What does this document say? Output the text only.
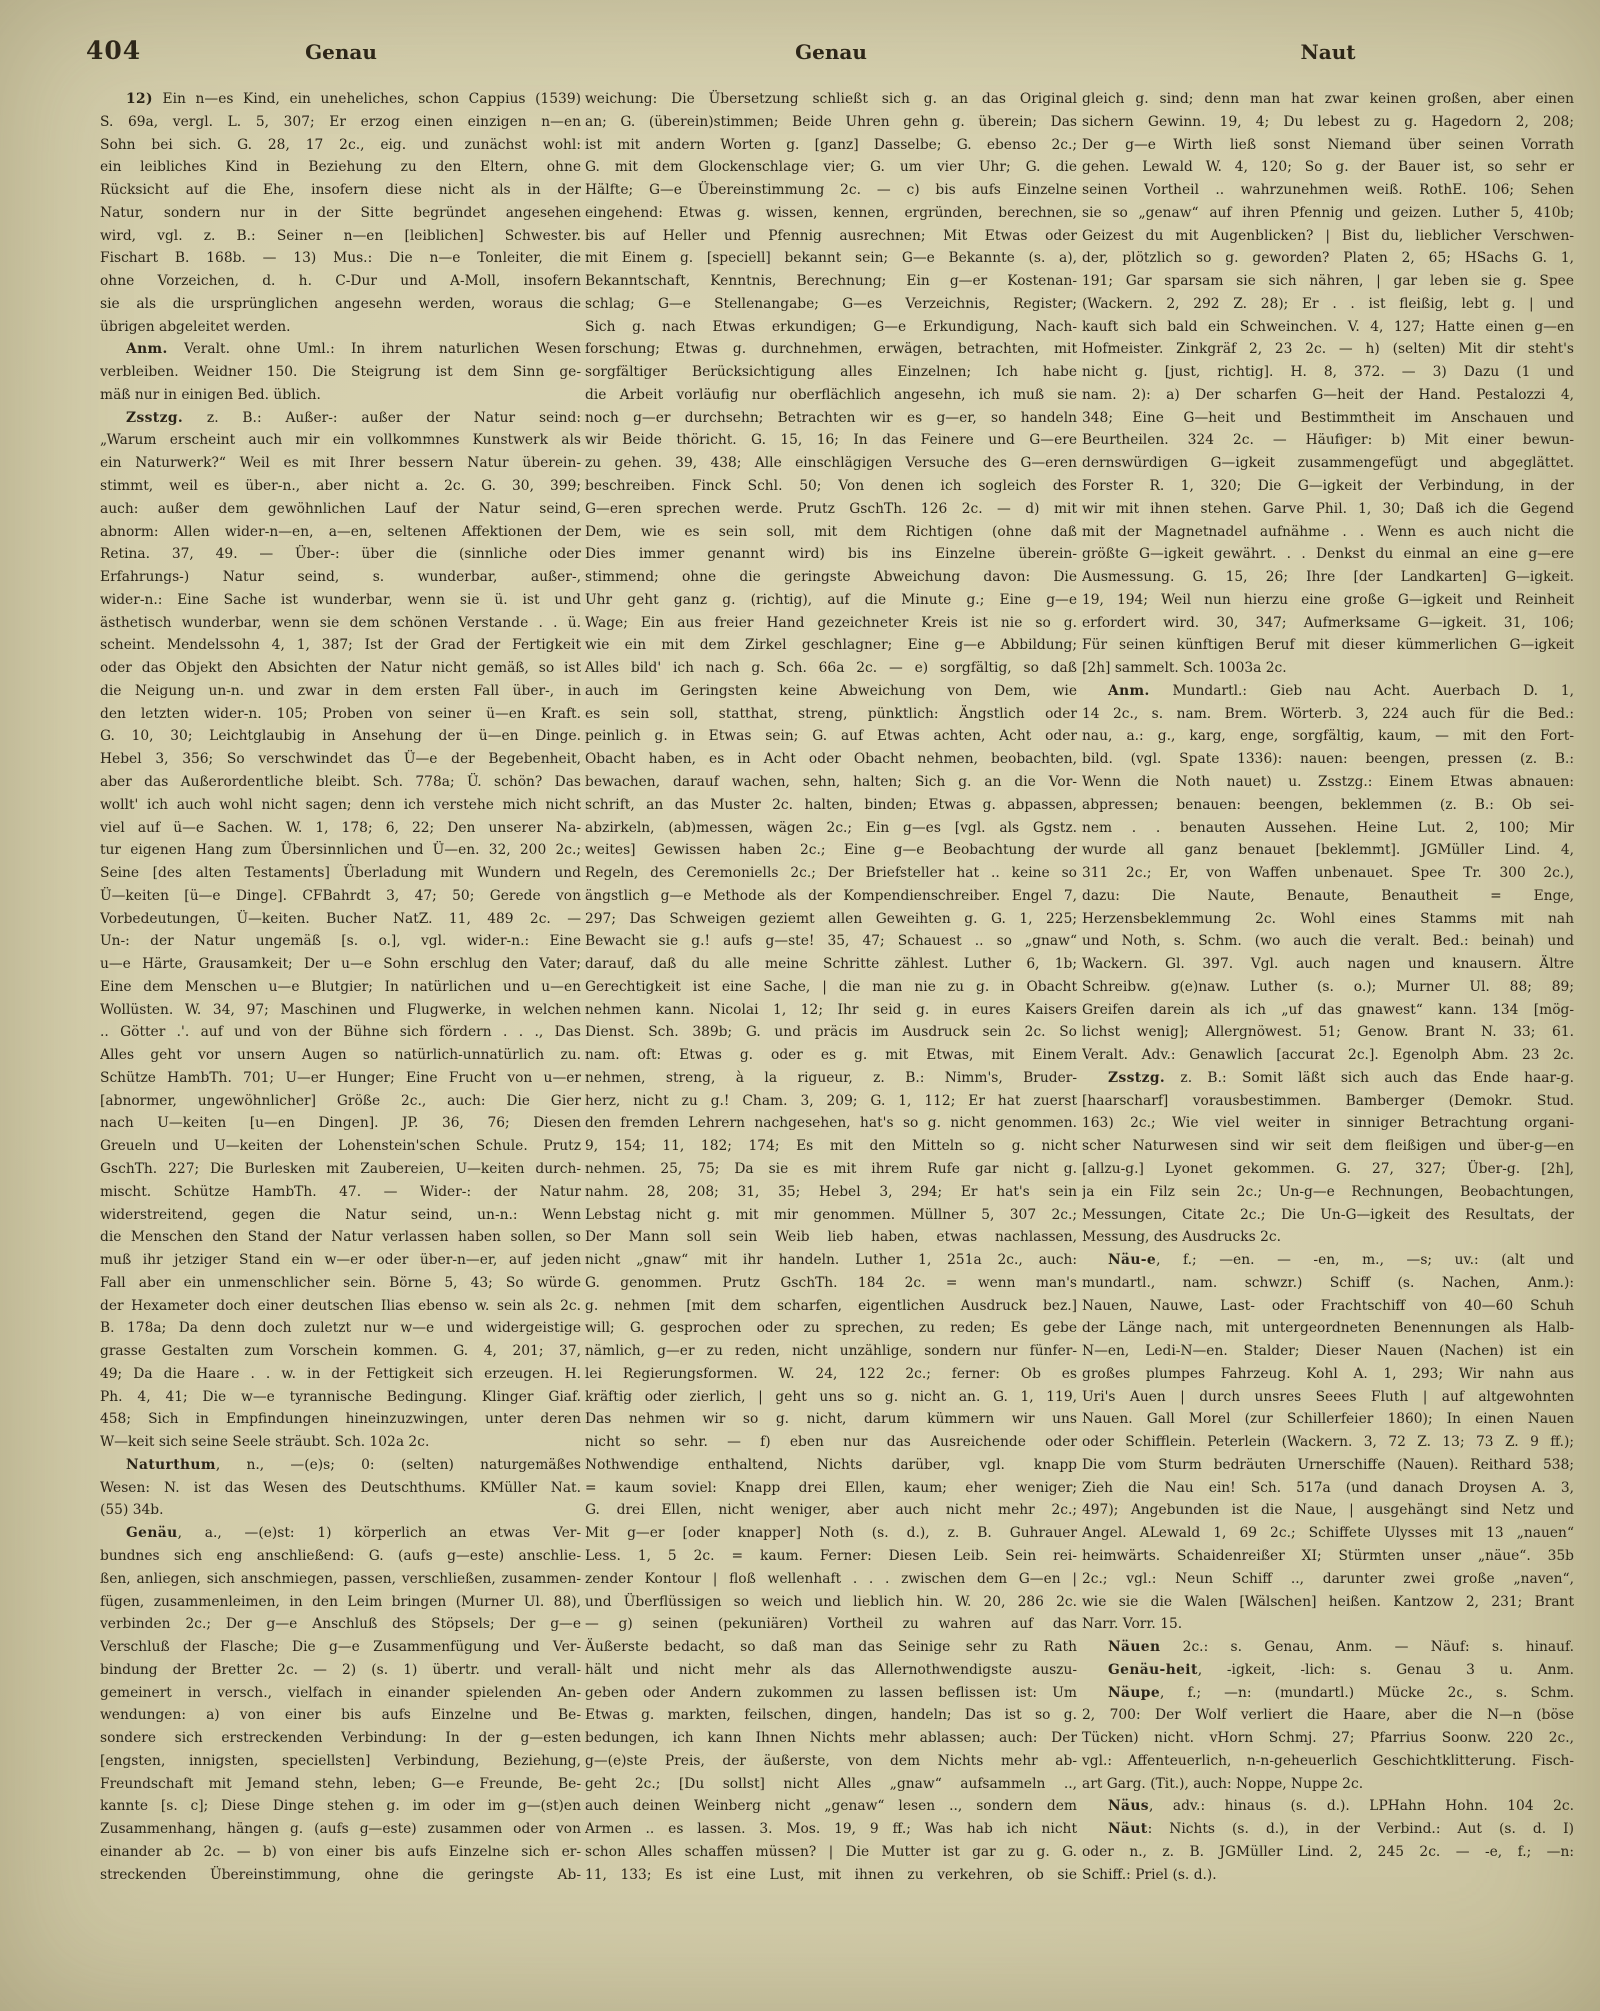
404	Genau	Genau	Naut
12) Ein n—es Kind, ein uneheliches, schon Cappius (1539)
S. 69a, vergl. L. 5, 307; Er erzog einen einzigen n—en
Sohn bei sich. G. 28, 17 2c., eig. und zunächst wohl:
ein leibliches Kind in Beziehung zu den Eltern, ohne
Rücksicht auf die Ehe, insofern diese nicht als in der
Natur, sondern nur in der Sitte begründet angesehen
wird, vgl. z. B.: Seiner n—en [leiblichen] Schwester.
Fischart B. 168b. — 13) Mus.: Die n—e Tonleiter, die
ohne Vorzeichen, d. h. C-Dur und A-Moll, insofern
sie als die ursprünglichen angesehn werden, woraus die
übrigen abgeleitet werden.
Anm. Veralt. ohne Uml.: In ihrem naturlichen Wesen
verbleiben. Weidner 150. Die Steigrung ist dem Sinn ge-
mäß nur in einigen Bed. üblich.
Zsstzg. z. B.: Außer-: außer der Natur seind:
„Warum erscheint auch mir ein vollkommnes Kunstwerk als
ein Naturwerk?“ Weil es mit Ihrer bessern Natur überein-
stimmt, weil es über-n., aber nicht a. 2c. G. 30, 399;
auch: außer dem gewöhnlichen Lauf der Natur seind,
abnorm: Allen wider-n—en, a—en, seltenen Affektionen der
Retina. 37, 49. — Über-: über die (sinnliche oder
Erfahrungs-) Natur seind, s. wunderbar, außer-,
wider-n.: Eine Sache ist wunderbar, wenn sie ü. ist und
ästhetisch wunderbar, wenn sie dem schönen Verstande . . ü.
scheint. Mendelssohn 4, 1, 387; Ist der Grad der Fertigkeit
oder das Objekt den Absichten der Natur nicht gemäß, so ist
die Neigung un-n. und zwar in dem ersten Fall über-, in
den letzten wider-n. 105; Proben von seiner ü—en Kraft.
G. 10, 30; Leichtglaubig in Ansehung der ü—en Dinge.
Hebel 3, 356; So verschwindet das Ü—e der Begebenheit,
aber das Außerordentliche bleibt. Sch. 778a; Ü. schön? Das
wollt' ich auch wohl nicht sagen; denn ich verstehe mich nicht
viel auf ü—e Sachen. W. 1, 178; 6, 22; Den unserer Na-
tur eigenen Hang zum Übersinnlichen und Ü—en. 32, 200 2c.;
Seine [des alten Testaments] Überladung mit Wundern und
Ü—keiten [ü—e Dinge]. CFBahrdt 3, 47; 50; Gerede von
Vorbedeutungen, Ü—keiten. Bucher NatZ. 11, 489 2c. —
Un-: der Natur ungemäß [s. o.], vgl. wider-n.: Eine
u—e Härte, Grausamkeit; Der u—e Sohn erschlug den Vater;
Eine dem Menschen u—e Blutgier; In natürlichen und u—en
Wollüsten. W. 34, 97; Maschinen und Flugwerke, in welchen
.. Götter .'. auf und von der Bühne sich fördern . . ., Das
Alles geht vor unsern Augen so natürlich-unnatürlich zu.
Schütze HambTh. 701; U—er Hunger; Eine Frucht von u—er
[abnormer, ungewöhnlicher] Größe 2c., auch: Die Gier
nach U—keiten [u—en Dingen]. JP. 36, 76; Diesen
Greueln und U—keiten der Lohenstein'schen Schule. Prutz
GschTh. 227; Die Burlesken mit Zaubereien, U—keiten durch-
mischt. Schütze HambTh. 47. — Wider-: der Natur
widerstreitend, gegen die Natur seind, un-n.: Wenn
die Menschen den Stand der Natur verlassen haben sollen, so
muß ihr jetziger Stand ein w—er oder über-n—er, auf jeden
Fall aber ein unmenschlicher sein. Börne 5, 43; So würde
der Hexameter doch einer deutschen Ilias ebenso w. sein als 2c.
B. 178a; Da denn doch zuletzt nur w—e und widergeistige
grasse Gestalten zum Vorschein kommen. G. 4, 201; 37,
49; Da die Haare . . w. in der Fettigkeit sich erzeugen. H.
Ph. 4, 41; Die w—e tyrannische Bedingung. Klinger Giaf.
458; Sich in Empfindungen hineinzuzwingen, unter deren
W—keit sich seine Seele sträubt. Sch. 102a 2c.
Naturthum, n., —(e)s; 0: (selten) naturgemäßes
Wesen: N. ist das Wesen des Deutschthums. KMüller Nat.
(55) 34b.
Genäu, a., —(e)st: 1) körperlich an etwas Ver-
bundnes sich eng anschließend: G. (aufs g—este) anschlie-
ßen, anliegen, sich anschmiegen, passen, verschließen, zusammen-
fügen, zusammenleimen, in den Leim bringen (Murner Ul. 88),
verbinden 2c.; Der g—e Anschluß des Stöpsels; Der g—e
Verschluß der Flasche; Die g—e Zusammenfügung und Ver-
bindung der Bretter 2c. — 2) (s. 1) übertr. und verall-
gemeinert in versch., vielfach in einander spielenden An-
wendungen: a) von einer bis aufs Einzelne und Be-
sondere sich erstreckenden Verbindung: In der g—esten
[engsten, innigsten, speciellsten] Verbindung, Beziehung,
Freundschaft mit Jemand stehn, leben; G—e Freunde, Be-
kannte [s. c]; Diese Dinge stehen g. im oder im g—(st)en
Zusammenhang, hängen g. (aufs g—este) zusammen oder von
einander ab 2c. — b) von einer bis aufs Einzelne sich er-
streckenden Übereinstimmung, ohne die geringste Ab-
weichung: Die Übersetzung schließt sich g. an das Original
an; G. (überein)stimmen; Beide Uhren gehn g. überein; Das
ist mit andern Worten g. [ganz] Dasselbe; G. ebenso 2c.;
G. mit dem Glockenschlage vier; G. um vier Uhr; G. die
Hälfte; G—e Übereinstimmung 2c. — c) bis aufs Einzelne
eingehend: Etwas g. wissen, kennen, ergründen, berechnen,
bis auf Heller und Pfennig ausrechnen; Mit Etwas oder
mit Einem g. [speciell] bekannt sein; G—e Bekannte (s. a),
Bekanntschaft, Kenntnis, Berechnung; Ein g—er Kostenan-
schlag; G—e Stellenangabe; G—es Verzeichnis, Register;
Sich g. nach Etwas erkundigen; G—e Erkundigung, Nach-
forschung; Etwas g. durchnehmen, erwägen, betrachten, mit
sorgfältiger Berücksichtigung alles Einzelnen; Ich habe
die Arbeit vorläufig nur oberflächlich angesehn, ich muß sie
noch g—er durchsehn; Betrachten wir es g—er, so handeln
wir Beide thöricht. G. 15, 16; In das Feinere und G—ere
zu gehen. 39, 438; Alle einschlägigen Versuche des G—eren
beschreiben. Finck Schl. 50; Von denen ich sogleich des
G—eren sprechen werde. Prutz GschTh. 126 2c. — d) mit
Dem, wie es sein soll, mit dem Richtigen (ohne daß
Dies immer genannt wird) bis ins Einzelne überein-
stimmend; ohne die geringste Abweichung davon: Die
Uhr geht ganz g. (richtig), auf die Minute g.; Eine g—e
Wage; Ein aus freier Hand gezeichneter Kreis ist nie so g.
wie ein mit dem Zirkel geschlagner; Eine g—e Abbildung;
Alles bild' ich nach g. Sch. 66a 2c. — e) sorgfältig, so daß
auch im Geringsten keine Abweichung von Dem, wie
es sein soll, statthat, streng, pünktlich: Ängstlich oder
peinlich g. in Etwas sein; G. auf Etwas achten, Acht oder
Obacht haben, es in Acht oder Obacht nehmen, beobachten,
bewachen, darauf wachen, sehn, halten; Sich g. an die Vor-
schrift, an das Muster 2c. halten, binden; Etwas g. abpassen,
abzirkeln, (ab)messen, wägen 2c.; Ein g—es [vgl. als Ggstz.
weites] Gewissen haben 2c.; Eine g—e Beobachtung der
Regeln, des Ceremoniells 2c.; Der Briefsteller hat .. keine so
ängstlich g—e Methode als der Kompendienschreiber. Engel 7,
297; Das Schweigen geziemt allen Geweihten g. G. 1, 225;
Bewacht sie g.! aufs g—ste! 35, 47; Schauest .. so „gnaw“
darauf, daß du alle meine Schritte zählest. Luther 6, 1b;
Gerechtigkeit ist eine Sache, | die man nie zu g. in Obacht
nehmen kann. Nicolai 1, 12; Ihr seid g. in eures Kaisers
Dienst. Sch. 389b; G. und präcis im Ausdruck sein 2c. So
nam. oft: Etwas g. oder es g. mit Etwas, mit Einem
nehmen, streng, à la rigueur, z. B.: Nimm's, Bruder-
herz, nicht zu g.! Cham. 3, 209; G. 1, 112; Er hat zuerst
den fremden Lehrern nachgesehen, hat's so g. nicht genommen.
9, 154; 11, 182; 174; Es mit den Mitteln so g. nicht
nehmen. 25, 75; Da sie es mit ihrem Rufe gar nicht g.
nahm. 28, 208; 31, 35; Hebel 3, 294; Er hat's sein
Lebstag nicht g. mit mir genommen. Müllner 5, 307 2c.;
Der Mann soll sein Weib lieb haben, etwas nachlassen,
nicht „gnaw“ mit ihr handeln. Luther 1, 251a 2c., auch:
G. genommen. Prutz GschTh. 184 2c. = wenn man's
g. nehmen [mit dem scharfen, eigentlichen Ausdruck bez.]
will; G. gesprochen oder zu sprechen, zu reden; Es gebe
nämlich, g—er zu reden, nicht unzählige, sondern nur fünfer-
lei Regierungsformen. W. 24, 122 2c.; ferner: Ob es
kräftig oder zierlich, | geht uns so g. nicht an. G. 1, 119,
Das nehmen wir so g. nicht, darum kümmern wir uns
nicht so sehr. — f) eben nur das Ausreichende oder
Nothwendige enthaltend, Nichts darüber, vgl. knapp
= kaum soviel: Knapp drei Ellen, kaum; eher weniger;
G. drei Ellen, nicht weniger, aber auch nicht mehr 2c.;
Mit g—er [oder knapper] Noth (s. d.), z. B. Guhrauer
Less. 1, 5 2c. = kaum. Ferner: Diesen Leib. Sein rei-
zender Kontour | floß wellenhaft . . . zwischen dem G—en |
und Überflüssigen so weich und lieblich hin. W. 20, 286 2c.
— g) seinen (pekuniären) Vortheil zu wahren auf das
Äußerste bedacht, so daß man das Seinige sehr zu Rath
hält und nicht mehr als das Allernothwendigste auszu-
geben oder Andern zukommen zu lassen beflissen ist: Um
Etwas g. markten, feilschen, dingen, handeln; Das ist so g.
bedungen, ich kann Ihnen Nichts mehr ablassen; auch: Der
g—(e)ste Preis, der äußerste, von dem Nichts mehr ab-
geht 2c.; [Du sollst] nicht Alles „gnaw“ aufsammeln ..,
auch deinen Weinberg nicht „genaw“ lesen .., sondern dem
Armen .. es lassen. 3. Mos. 19, 9 ff.; Was hab ich nicht
schon Alles schaffen müssen? | Die Mutter ist gar zu g. G.
11, 133; Es ist eine Lust, mit ihnen zu verkehren, ob sie
gleich g. sind; denn man hat zwar keinen großen, aber einen
sichern Gewinn. 19, 4; Du lebest zu g. Hagedorn 2, 208;
Der g—e Wirth ließ sonst Niemand über seinen Vorrath
gehen. Lewald W. 4, 120; So g. der Bauer ist, so sehr er
seinen Vortheil .. wahrzunehmen weiß. RothE. 106; Sehen
sie so „genaw“ auf ihren Pfennig und geizen. Luther 5, 410b;
Geizest du mit Augenblicken? | Bist du, lieblicher Verschwen-
der, plötzlich so g. geworden? Platen 2, 65; HSachs G. 1,
191; Gar sparsam sie sich nähren, | gar leben sie g. Spee
(Wackern. 2, 292 Z. 28); Er . . ist fleißig, lebt g. | und
kauft sich bald ein Schweinchen. V. 4, 127; Hatte einen g—en
Hofmeister. Zinkgräf 2, 23 2c. — h) (selten) Mit dir steht's
nicht g. [just, richtig]. H. 8, 372. — 3) Dazu (1 und
nam. 2): a) Der scharfen G—heit der Hand. Pestalozzi 4,
348; Eine G—heit und Bestimmtheit im Anschauen und
Beurtheilen. 324 2c. — Häufiger: b) Mit einer bewun-
dernswürdigen G—igkeit zusammengefügt und abgeglättet.
Forster R. 1, 320; Die G—igkeit der Verbindung, in der
wir mit ihnen stehen. Garve Phil. 1, 30; Daß ich die Gegend
mit der Magnetnadel aufnähme . . Wenn es auch nicht die
größte G—igkeit gewährt. . . Denkst du einmal an eine g—ere
Ausmessung. G. 15, 26; Ihre [der Landkarten] G—igkeit.
19, 194; Weil nun hierzu eine große G—igkeit und Reinheit
erfordert wird. 30, 347; Aufmerksame G—igkeit. 31, 106;
Für seinen künftigen Beruf mit dieser kümmerlichen G—igkeit
[2h] sammelt. Sch. 1003a 2c.
Anm. Mundartl.: Gieb nau Acht. Auerbach D. 1,
14 2c., s. nam. Brem. Wörterb. 3, 224 auch für die Bed.:
nau, a.: g., karg, enge, sorgfältig, kaum, — mit den Fort-
bild. (vgl. Spate 1336): nauen: beengen, pressen (z. B.:
Wenn die Noth nauet) u. Zsstzg.: Einem Etwas abnauen:
abpressen; benauen: beengen, beklemmen (z. B.: Ob sei-
nem . . benauten Aussehen. Heine Lut. 2, 100; Mir
wurde all ganz benauet [beklemmt]. JGMüller Lind. 4,
311 2c.; Er, von Waffen unbenauet. Spee Tr. 300 2c.),
dazu: Die Naute, Benaute, Benautheit = Enge,
Herzensbeklemmung 2c. Wohl eines Stamms mit nah
und Noth, s. Schm. (wo auch die veralt. Bed.: beinah) und
Wackern. Gl. 397. Vgl. auch nagen und knausern. Ältre
Schreibw. g(e)naw. Luther (s. o.); Murner Ul. 88; 89;
Greifen darein als ich „uf das gnawest“ kann. 134 [mög-
lichst wenig]; Allergnöwest. 51; Genow. Brant N. 33; 61.
Veralt. Adv.: Genawlich [accurat 2c.]. Egenolph Abm. 23 2c.
Zsstzg. z. B.: Somit läßt sich auch das Ende haar-g.
[haarscharf] vorausbestimmen. Bamberger (Demokr. Stud.
163) 2c.; Wie viel weiter in sinniger Betrachtung organi-
scher Naturwesen sind wir seit dem fleißigen und über-g—en
[allzu-g.] Lyonet gekommen. G. 27, 327; Über-g. [2h],
ja ein Filz sein 2c.; Un-g—e Rechnungen, Beobachtungen,
Messungen, Citate 2c.; Die Un-G—igkeit des Resultats, der
Messung, des Ausdrucks 2c.
Näu-e, f.; —en. — -en, m., —s; uv.: (alt und
mundartl., nam. schwzr.) Schiff (s. Nachen, Anm.):
Nauen, Nauwe, Last- oder Frachtschiff von 40—60 Schuh
der Länge nach, mit untergeordneten Benennungen als Halb-
N—en, Ledi-N—en. Stalder; Dieser Nauen (Nachen) ist ein
großes plumpes Fahrzeug. Kohl A. 1, 293; Wir nahn aus
Uri's Auen | durch unsres Seees Fluth | auf altgewohnten
Nauen. Gall Morel (zur Schillerfeier 1860); In einen Nauen
oder Schifflein. Peterlein (Wackern. 3, 72 Z. 13; 73 Z. 9 ff.);
Die vom Sturm bedräuten Urnerschiffe (Nauen). Reithard 538;
Zieh die Nau ein! Sch. 517a (und danach Droysen A. 3,
497); Angebunden ist die Naue, | ausgehängt sind Netz und
Angel. ALewald 1, 69 2c.; Schiffete Ulysses mit 13 „nauen“
heimwärts. Schaidenreißer XI; Stürmten unser „näue“. 35b
2c.; vgl.: Neun Schiff .., darunter zwei große „naven“,
wie sie die Walen [Wälschen] heißen. Kantzow 2, 231; Brant
Narr. Vorr. 15.
Näuen 2c.: s. Genau, Anm. — Näuf: s. hinauf.
Genäu-heit, -igkeit, -lich: s. Genau 3 u. Anm.
Näupe, f.; —n: (mundartl.) Mücke 2c., s. Schm.
2, 700: Der Wolf verliert die Haare, aber die N—n (böse
Tücken) nicht. vHorn Schmj. 27; Pfarrius Soonw. 220 2c.,
vgl.: Affenteuerlich, n-n-geheuerlich Geschichtklitterung. Fisch-
art Garg. (Tit.), auch: Noppe, Nuppe 2c.
Näus, adv.: hinaus (s. d.). LPHahn Hohn. 104 2c.
Näut: Nichts (s. d.), in der Verbind.: Aut (s. d. I)
oder n., z. B. JGMüller Lind. 2, 245 2c. — -e, f.; —n:
Schiff.: Priel (s. d.).
